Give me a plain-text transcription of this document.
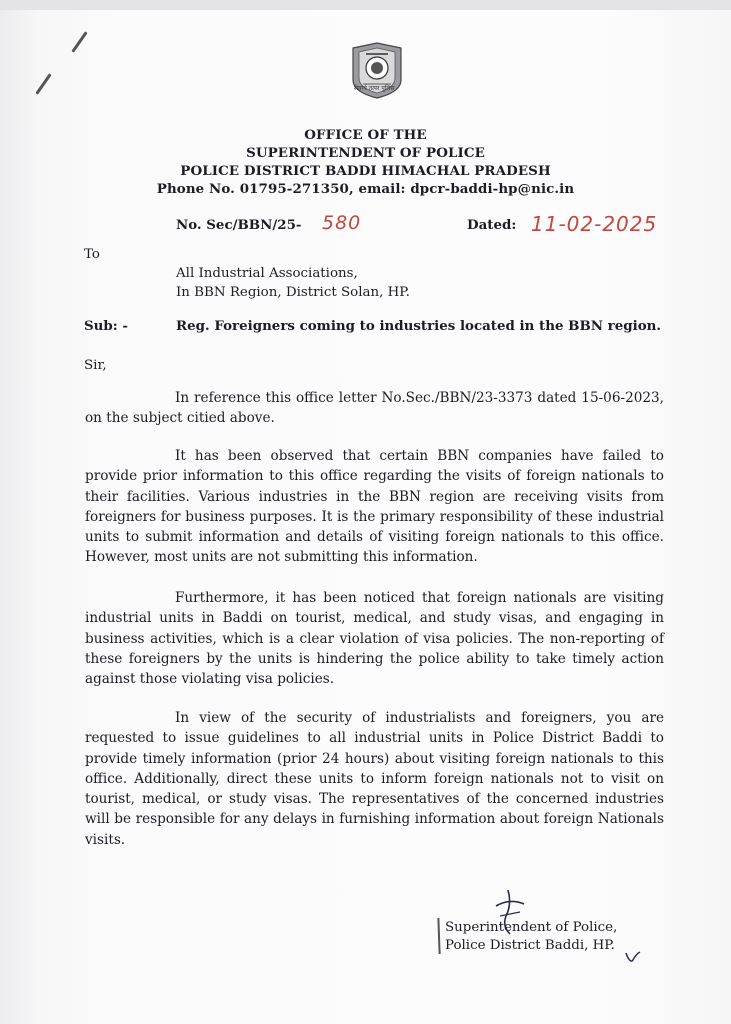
सेवार्थ तत्पर पुलिस
OFFICE OF THE
SUPERINTENDENT OF POLICE
POLICE DISTRICT BADDI HIMACHAL PRADESH
Phone No. 01795-271350, email: dpcr-baddi-hp@nic.in
No. Sec/BBN/25- 580	Dated: 11-02-2025
To
All Industrial Associations,
In BBN Region, District Solan, HP.
Sub: -	Reg. Foreigners coming to industries located in the BBN region.
Sir,

In reference this office letter No.Sec./BBN/23-3373 dated 15-06-2023, on the subject citied above.

It has been observed that certain BBN companies have failed to provide prior information to this office regarding the visits of foreign nationals to their facilities. Various industries in the BBN region are receiving visits from foreigners for business purposes. It is the primary responsibility of these industrial units to submit information and details of visiting foreign nationals to this office. However, most units are not submitting this information.

Furthermore, it has been noticed that foreign nationals are visiting industrial units in Baddi on tourist, medical, and study visas, and engaging in business activities, which is a clear violation of visa policies. The non-reporting of these foreigners by the units is hindering the police ability to take timely action against those violating visa policies.

In view of the security of industrialists and foreigners, you are requested to issue guidelines to all industrial units in Police District Baddi to provide timely information (prior 24 hours) about visiting foreign nationals to this office. Additionally, direct these units to inform foreign nationals not to visit on tourist, medical, or study visas. The representatives of the concerned industries will be responsible for any delays in furnishing information about foreign Nationals visits.

Superintendent of Police,
Police District Baddi, HP.
